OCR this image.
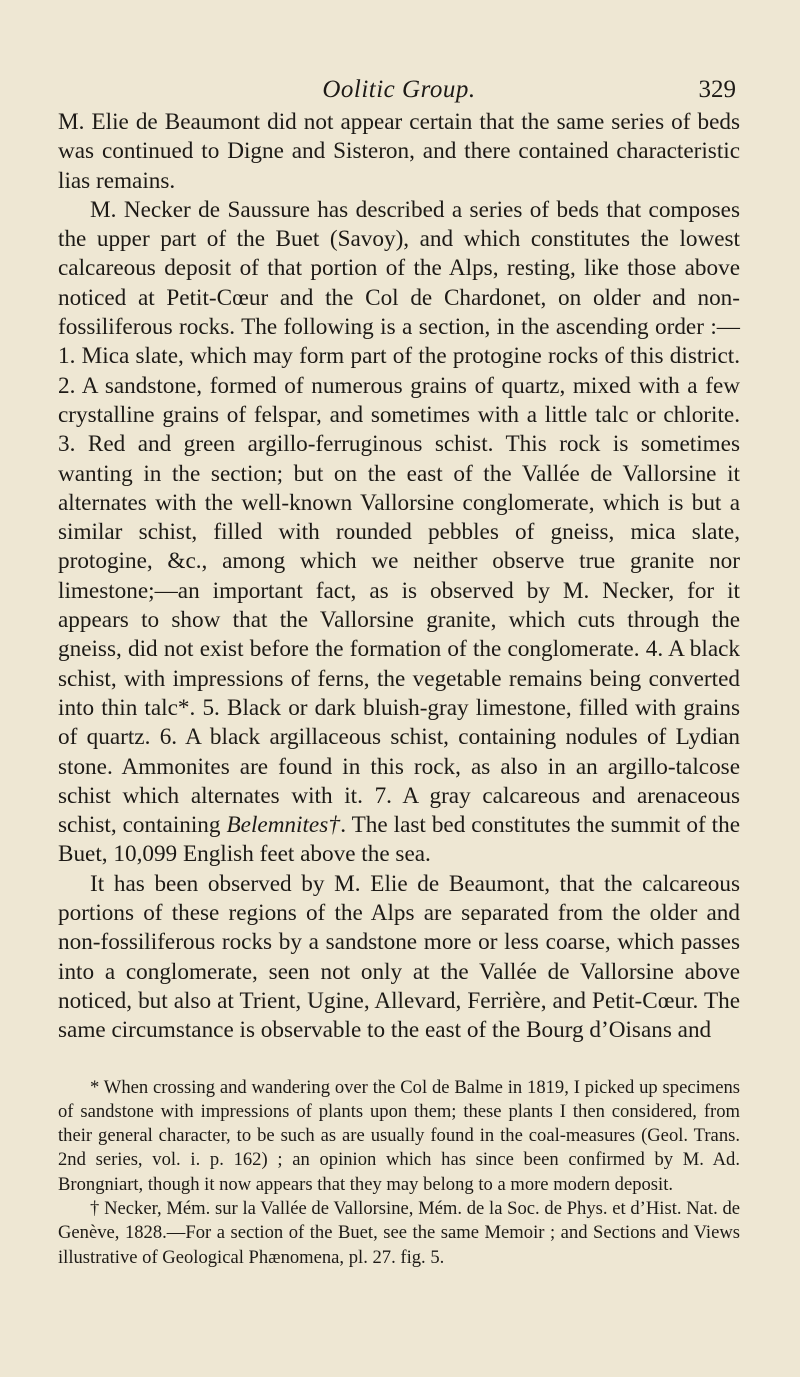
Oolitic Group.	329

M. Elie de Beaumont did not appear certain that the same series of beds was continued to Digne and Sisteron, and there contained characteristic lias remains.

M. Necker de Saussure has described a series of beds that composes the upper part of the Buet (Savoy), and which constitutes the lowest calcareous deposit of that portion of the Alps, resting, like those above noticed at Petit-Cœur and the Col de Chardonet, on older and non-fossiliferous rocks. The following is a section, in the ascending order :—1. Mica slate, which may form part of the protogine rocks of this district. 2. A sandstone, formed of numerous grains of quartz, mixed with a few crystalline grains of felspar, and sometimes with a little talc or chlorite. 3. Red and green argillo-ferruginous schist. This rock is sometimes wanting in the section; but on the east of the Vallée de Vallorsine it alternates with the well-known Vallorsine conglomerate, which is but a similar schist, filled with rounded pebbles of gneiss, mica slate, protogine, &c., among which we neither observe true granite nor limestone;—an important fact, as is observed by M. Necker, for it appears to show that the Vallorsine granite, which cuts through the gneiss, did not exist before the formation of the conglomerate. 4. A black schist, with impressions of ferns, the vegetable remains being converted into thin talc*. 5. Black or dark bluish-gray limestone, filled with grains of quartz. 6. A black argillaceous schist, containing nodules of Lydian stone. Ammonites are found in this rock, as also in an argillo-talcose schist which alternates with it. 7. A gray calcareous and arenaceous schist, containing Belemnites†. The last bed constitutes the summit of the Buet, 10,099 English feet above the sea.

It has been observed by M. Elie de Beaumont, that the calcareous portions of these regions of the Alps are separated from the older and non-fossiliferous rocks by a sandstone more or less coarse, which passes into a conglomerate, seen not only at the Vallée de Vallorsine above noticed, but also at Trient, Ugine, Allevard, Ferrière, and Petit-Cœur. The same circumstance is observable to the east of the Bourg d’Oisans and

* When crossing and wandering over the Col de Balme in 1819, I picked up specimens of sandstone with impressions of plants upon them; these plants I then considered, from their general character, to be such as are usually found in the coal-measures (Geol. Trans. 2nd series, vol. i. p. 162) ; an opinion which has since been confirmed by M. Ad. Brongniart, though it now appears that they may belong to a more modern deposit.

† Necker, Mém. sur la Vallée de Vallorsine, Mém. de la Soc. de Phys. et d’Hist. Nat. de Genève, 1828.—For a section of the Buet, see the same Memoir ; and Sections and Views illustrative of Geological Phænomena, pl. 27. fig. 5.
